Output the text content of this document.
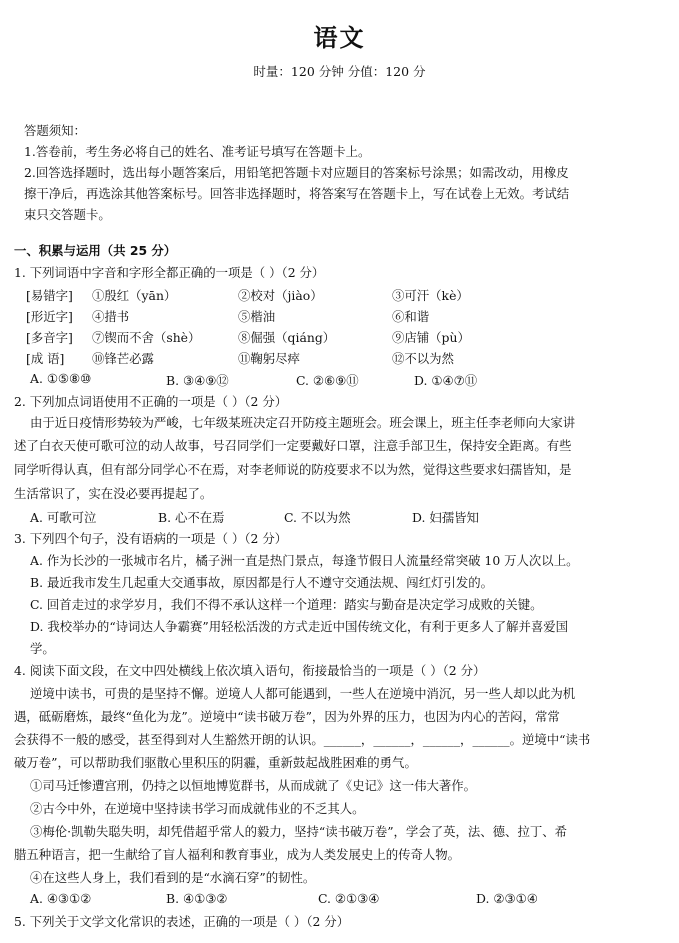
语文
时量：120 分钟 分值：120 分
答题须知：
1.答卷前，考生务必将自己的姓名、准考证号填写在答题卡上。
2.回答选择题时，选出每小题答案后，用铅笔把答题卡对应题目的答案标号涂黑；如需改动，用橡皮
擦干净后，再选涂其他答案标号。回答非选择题时，将答案写在答题卡上，写在试卷上无效。考试结
束只交答题卡。
一、积累与运用（共 25 分）
1. 下列词语中字音和字形全都正确的一项是（ ）（2 分）
[易错字] ①殷红（yān）	②校对（jiào）	③可汗（kè）
[形近字] ④措书	⑤楷油	⑥和谐
[多音字] ⑦锲而不舍（shè）	⑧倔强（qiáng）	⑨店铺（pù）
[成 语] ⑩锋芒必露	⑪鞠躬尽瘁	⑫不以为然
A. ①⑤⑧⑩	B. ③④⑨⑫	C. ②⑥⑨⑪	D. ①④⑦⑪
2. 下列加点词语使用不正确的一项是（ ）（2 分）
由于近日疫情形势较为严峻，七年级某班决定召开防疫主题班会。班会课上，班主任李老师向大家讲
述了白衣天使可歌可泣的动人故事，号召同学们一定要戴好口罩，注意手部卫生，保持安全距离。有些
同学听得认真，但有部分同学心不在焉，对李老师说的防疫要求不以为然，觉得这些要求妇孺皆知，是
生活常识了，实在没必要再提起了。
A. 可歌可泣	B. 心不在焉	C. 不以为然	D. 妇孺皆知
3. 下列四个句子，没有语病的一项是（ ）（2 分）
A. 作为长沙的一张城市名片，橘子洲一直是热门景点，每逢节假日人流量经常突破 10 万人次以上。
B. 最近我市发生几起重大交通事故，原因都是行人不遵守交通法规、闯红灯引发的。
C. 回首走过的求学岁月，我们不得不承认这样一个道理：踏实与勤奋是决定学习成败的关键。
D. 我校举办的“诗词达人争霸赛”用轻松活泼的方式走近中国传统文化，有利于更多人了解并喜爱国
学。
4. 阅读下面文段，在文中四处横线上依次填入语句，衔接最恰当的一项是（ ）（2 分）
逆境中读书，可贵的是坚持不懈。逆境人人都可能遇到，一些人在逆境中消沉，另一些人却以此为机
遇，砥砺磨炼，最终“鱼化为龙”。逆境中“读书破万卷”，因为外界的压力，也因为内心的苦闷，常常
会获得不一般的感受，甚至得到对人生豁然开朗的认识。______，______，______，______。逆境中“读书
破万卷”，可以帮助我们驱散心里积压的阴霾，重新鼓起战胜困难的勇气。
①司马迁惨遭宫刑，仍持之以恒地博览群书，从而成就了《史记》这一伟大著作。
②古今中外，在逆境中坚持读书学习而成就伟业的不乏其人。
③梅伦·凯勒失聪失明，却凭借超乎常人的毅力，坚持“读书破万卷”，学会了英，法、德、拉丁、希
腊五种语言，把一生献给了盲人福利和教育事业，成为人类发展史上的传奇人物。
④在这些人身上，我们看到的是“水滴石穿”的韧性。
A. ④③①②	B. ④①③②	C. ②①③④	D. ②③①④
5. 下列关于文学文化常识的表述，正确的一项是（ ）（2 分）
